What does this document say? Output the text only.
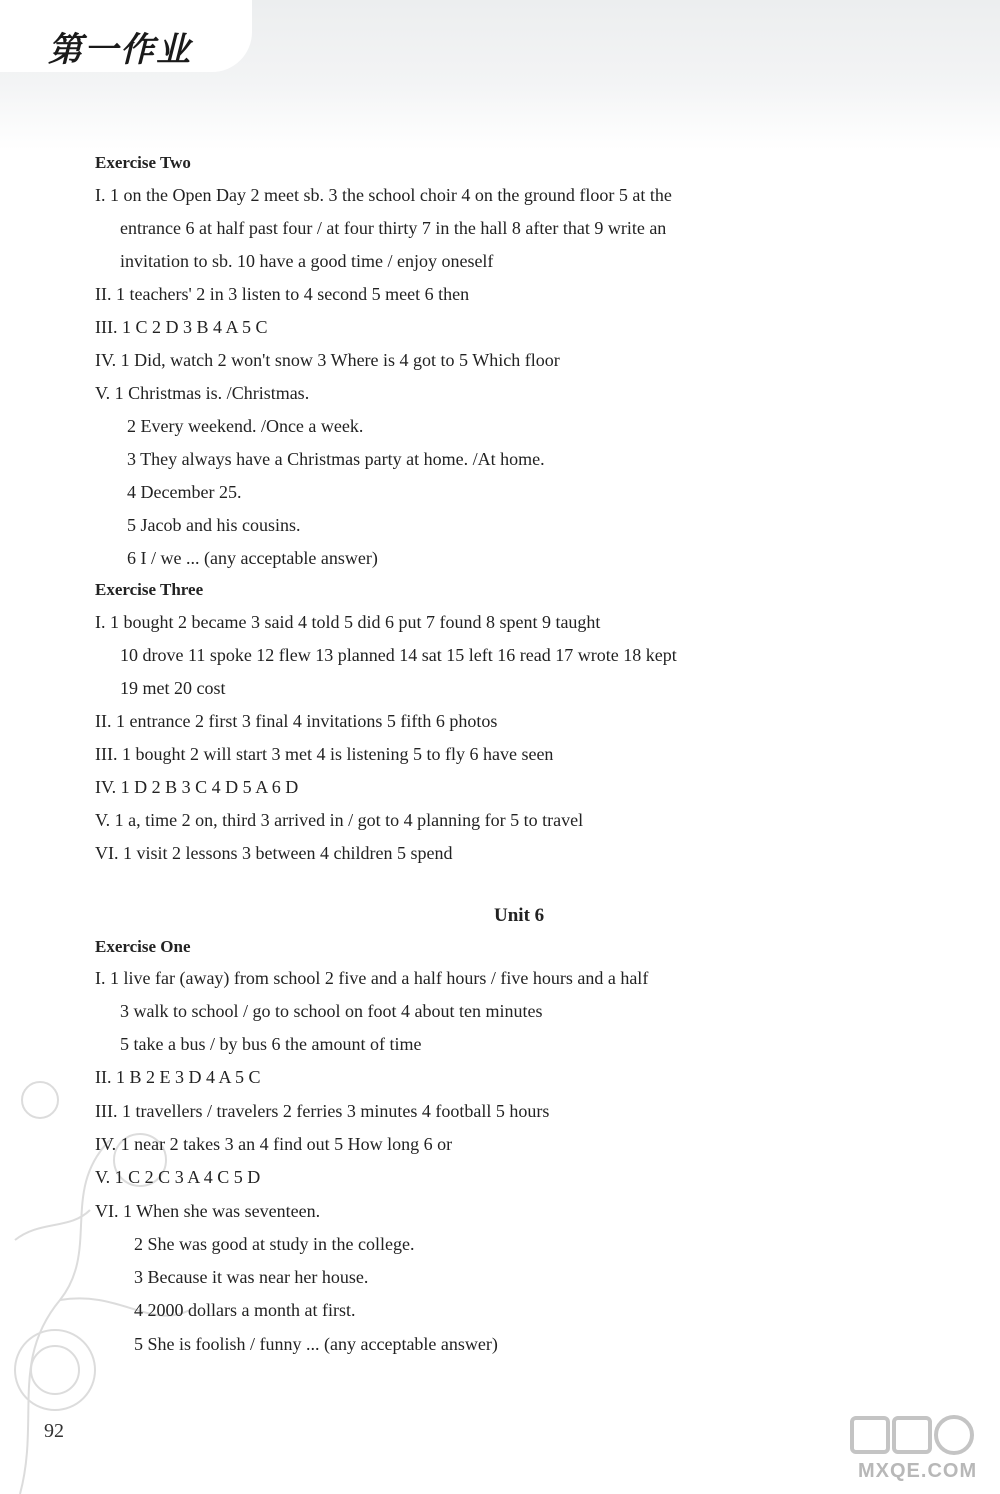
第一作业
Exercise Two
I. 1 on the Open Day 2 meet sb. 3 the school choir 4 on the ground floor 5 at the
entrance 6 at half past four / at four thirty 7 in the hall 8 after that 9 write an
invitation to sb. 10 have a good time / enjoy oneself
II. 1 teachers' 2 in 3 listen to 4 second 5 meet 6 then
III. 1 C 2 D 3 B 4 A 5 C
IV. 1 Did, watch 2 won't snow 3 Where is 4 got to 5 Which floor
V. 1 Christmas is. /Christmas.
2 Every weekend. /Once a week.
3 They always have a Christmas party at home. /At home.
4 December 25.
5 Jacob and his cousins.
6 I / we ... (any acceptable answer)
Exercise Three
I. 1 bought 2 became 3 said 4 told 5 did 6 put 7 found 8 spent 9 taught
10 drove 11 spoke 12 flew 13 planned 14 sat 15 left 16 read 17 wrote 18 kept
19 met 20 cost
II. 1 entrance 2 first 3 final 4 invitations 5 fifth 6 photos
III. 1 bought 2 will start 3 met 4 is listening 5 to fly 6 have seen
IV. 1 D 2 B 3 C 4 D 5 A 6 D
V. 1 a, time 2 on, third 3 arrived in / got to 4 planning for 5 to travel
VI. 1 visit 2 lessons 3 between 4 children 5 spend
Unit 6
Exercise One
I. 1 live far (away) from school 2 five and a half hours / five hours and a half
3 walk to school / go to school on foot 4 about ten minutes
5 take a bus / by bus 6 the amount of time
II. 1 B 2 E 3 D 4 A 5 C
III. 1 travellers / travelers 2 ferries 3 minutes 4 football 5 hours
IV. 1 near 2 takes 3 an 4 find out 5 How long 6 or
V. 1 C 2 C 3 A 4 C 5 D
VI. 1 When she was seventeen.
2 She was good at study in the college.
3 Because it was near her house.
4 2000 dollars a month at first.
5 She is foolish / funny ... (any acceptable answer)
92
MXQE.COM
